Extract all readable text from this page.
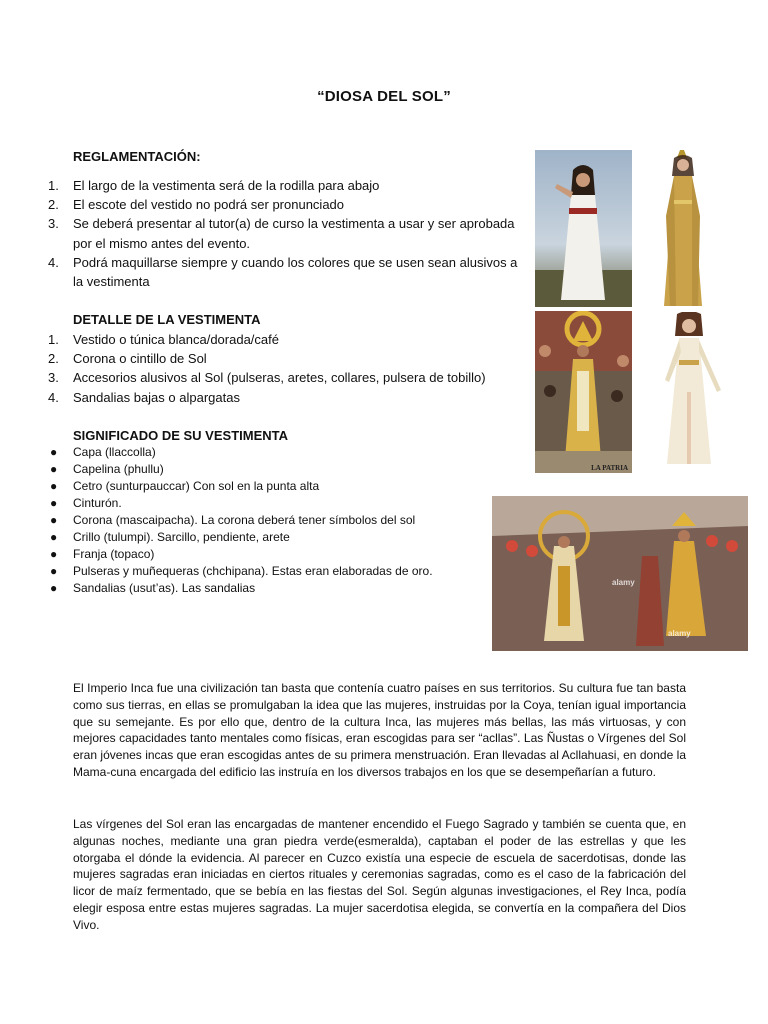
“DIOSA DEL SOL”
REGLAMENTACIÓN:
1. El largo de la vestimenta será de la rodilla para abajo
2. El escote del vestido no podrá ser pronunciado
3. Se deberá presentar al tutor(a) de curso la vestimenta a usar y ser aprobada por el mismo antes del evento.
4. Podrá maquillarse siempre y cuando los colores que se usen sean alusivos a la vestimenta
DETALLE DE LA VESTIMENTA
1. Vestido o túnica blanca/dorada/café
2. Corona o cintillo de Sol
3. Accesorios alusivos al Sol (pulseras, aretes, collares, pulsera de tobillo)
4. Sandalias bajas o alpargatas
SIGNIFICADO DE SU VESTIMENTA
● Capa (llaccolla)
● Capelina (phullu)
● Cetro (sunturpauccar) Con sol en la punta alta
● Cinturón.
● Corona (mascaipacha). La corona deberá tener símbolos del sol
● Crillo (tulumpi). Sarcillo, pendiente, arete
● Franja (topaco)
● Pulseras y muñequeras (chchipana). Estas eran elaboradas de oro.
● Sandalias (usut’as). Las sandalias
LA PATRIA
alamy
alamy

El Imperio Inca fue una civilización tan basta que contenía cuatro países en sus territorios. Su cultura fue tan basta como sus tierras, en ellas se promulgaban la idea que las mujeres, instruidas por la Coya, tenían igual importancia que su semejante. Es por ello que, dentro de la cultura Inca, las mujeres más bellas, las más virtuosas, y con mejores capacidades tanto mentales como físicas, eran escogidas para ser “acllas”. Las Ñustas o Vírgenes del Sol eran jóvenes incas que eran escogidas antes de su primera menstruación. Eran llevadas al Acllahuasi, en donde la Mama-cuna encargada del edificio las instruía en los diversos trabajos en los que se desempeñarían a futuro.

Las vírgenes del Sol eran las encargadas de mantener encendido el Fuego Sagrado y también se cuenta que, en algunas noches, mediante una gran piedra verde(esmeralda), captaban el poder de las estrellas y que les otorgaba el dónde la evidencia. Al parecer en Cuzco existía una especie de escuela de sacerdotisas, donde las mujeres sagradas eran iniciadas en ciertos rituales y ceremonias sagradas, como es el caso de la fabricación del licor de maíz fermentado, que se bebía en las fiestas del Sol. Según algunas investigaciones, el Rey Inca, podía elegir esposa entre estas mujeres sagradas. La mujer sacerdotisa elegida, se convertía en la compañera del Dios Vivo.
